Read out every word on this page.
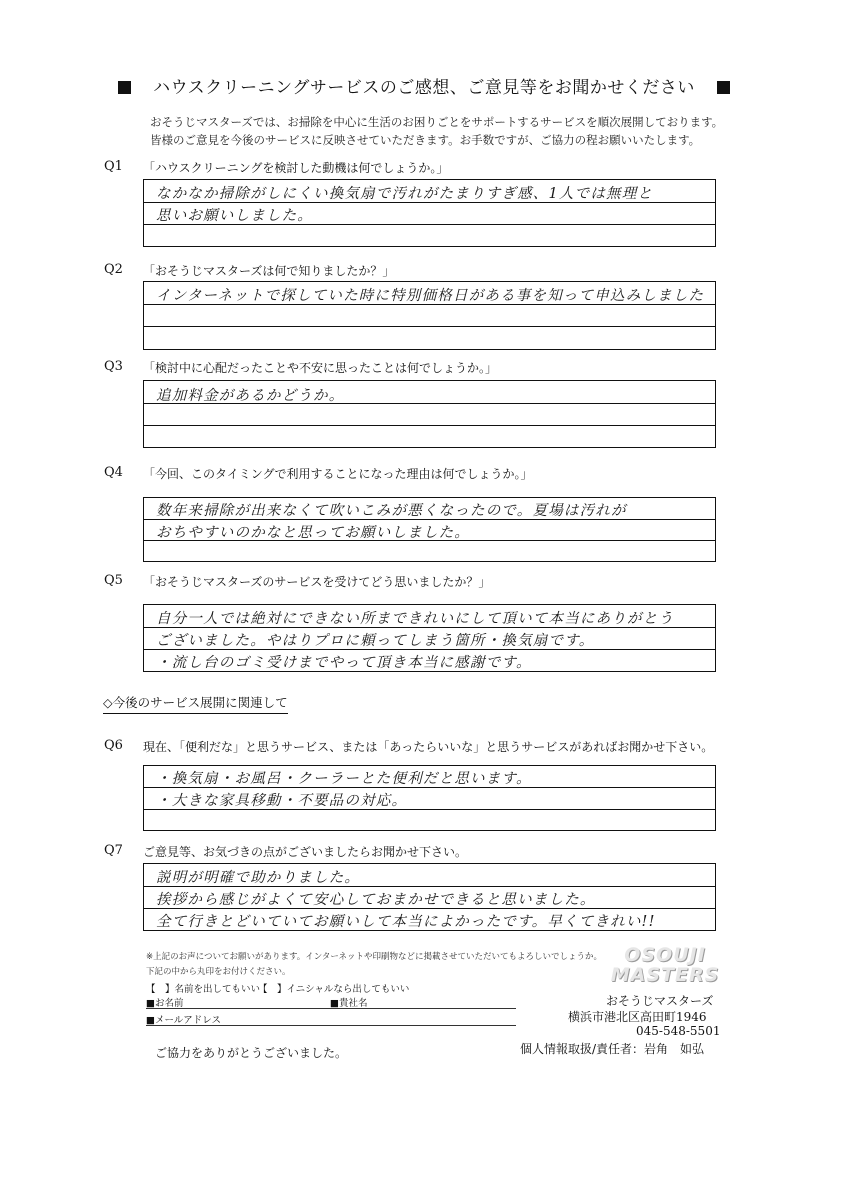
ハウスクリーニングサービスのご感想、ご意見等をお聞かせください
おそうじマスターズでは、お掃除を中心に生活のお困りごとをサポートするサービスを順次展開しております。
皆様のご意見を今後のサービスに反映させていただきます。お手数ですが、ご協力の程お願いいたします。
Q1 「ハウスクリーニングを検討した動機は何でしょうか。」
なかなか掃除がしにくい換気扇で汚れがたまりすぎ感、1人では無理と
思いお願いしました。
Q2 「おそうじマスターズは何で知りましたか？」
インターネットで探していた時に特別価格日がある事を知って申込みしました
Q3 「検討中に心配だったことや不安に思ったことは何でしょうか。」
追加料金があるかどうか。
Q4 「今回、このタイミングで利用することになった理由は何でしょうか。」
数年来掃除が出来なくて吹いこみが悪くなったので。夏場は汚れが
おちやすいのかなと思ってお願いしました。
Q5 「おそうじマスターズのサービスを受けてどう思いましたか？」
自分一人では絶対にできない所まできれいにして頂いて本当にありがとう
ございました。やはりプロに頼ってしまう箇所・換気扇です。
・流し台のゴミ受けまでやって頂き本当に感謝です。
◇今後のサービス展開に関連して
Q6 現在、「便利だな」と思うサービス、または「あったらいいな」と思うサービスがあればお聞かせ下さい。
・換気扇・お風呂・クーラーとた便利だと思います。
・大きな家具移動・不要品の対応。
Q7 ご意見等、お気づきの点がございましたらお聞かせ下さい。
説明が明確で助かりました。
挨拶から感じがよくて安心しておまかせできると思いました。
全て行きとどいていてお願いして本当によかったです。早くてきれい!!
※上記のお声についてお願いがあります。インターネットや印刷物などに掲載させていただいてもよろしいでしょうか。
下記の中から丸印をお付けください。
【　】名前を出してもいい
【　】イニシャルなら出してもいい
■お名前	■貴社名
■メールアドレス
ご協力をありがとうございました。
OSOUJI
MASTERS
おそうじマスターズ
横浜市港北区高田町1946
045-548-5501
個人情報取扱/責任者：岩角　如弘
